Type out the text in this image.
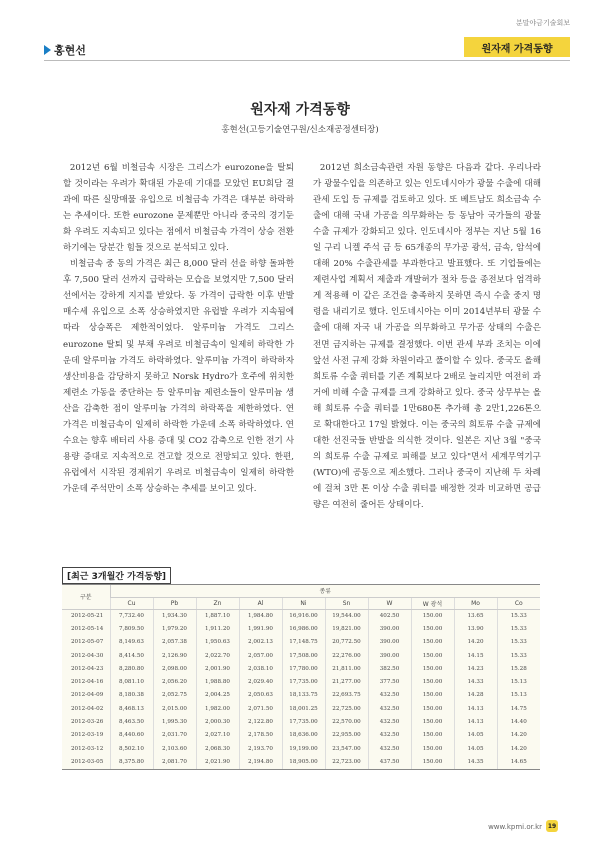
분말야금기술회보
홍현선	원자재 가격동향
원자재 가격동향
홍현선(고등기술연구원/신소재공정센터장)

2012년 6월 비철금속 시장은 그리스가 eurozone을 탈퇴할 것이라는 우려가 확대된 가운데 기대를 모았던 EU회담 결과에 따른 실망매물 유입으로 비철금속 가격은 대부분 하락하는 추세이다. 또한 eurozone 문제뿐만 아니라 중국의 경기둔화 우려도 지속되고 있다는 점에서 비철금속 가격이 상승 전환하기에는 당분간 힘들 것으로 분석되고 있다.

비철금속 중 동의 가격은 최근 8,000 달러 선을 하향 돌파한 후 7,500 달러 선까지 급락하는 모습을 보였지만 7,500 달러 선에서는 강하게 지지를 받았다. 동 가격이 급락한 이후 반발 매수세 유입으로 소폭 상승하였지만 유럽발 우려가 지속됨에 따라 상승폭은 제한적이었다. 알루미늄 가격도 그리스 eurozone 탈퇴 및 부채 우려로 비철금속이 일제히 하락한 가운데 알루미늄 가격도 하락하였다. 알루미늄 가격이 하락하자 생산비용을 감당하지 못하고 Norsk Hydro가 호주에 위치한 제련소 가동을 중단하는 등 알루미늄 제련소들이 알루미늄 생산을 감축한 점이 알루미늄 가격의 하락폭을 제한하였다. 연 가격은 비철금속이 일제히 하락한 가운데 소폭 하락하였다. 연 수요는 향후 배터리 사용 증대 및 CO2 감축으로 인한 전기 사용량 증대로 지속적으로 견고할 것으로 전망되고 있다. 한편, 유럽에서 시작된 경제위기 우려로 비철금속이 일제히 하락한 가운데 주석만이 소폭 상승하는 추세를 보이고 있다.

2012년 희소금속관련 자원 동향은 다음과 같다. 우리나라가 광물수입을 의존하고 있는 인도네시아가 광물 수출에 대해 관세 도입 등 규제를 검토하고 있다. 또 베트남도 희소금속 수출에 대해 국내 가공을 의무화하는 등 동남아 국가들의 광물 수출 규제가 강화되고 있다. 인도네시아 정부는 지난 5월 16일 구리 니켈 주석 금 등 65개종의 무가공 광석, 금속, 암석에 대해 20% 수출관세를 부과한다고 발표했다. 또 기업들에는 제련사업 계획서 제출과 개발허가 절차 등을 종전보다 엄격하게 적용해 이 같은 조건을 충족하지 못하면 즉시 수출 중지 명령을 내리기로 했다. 인도네시아는 이미 2014년부터 광물 수출에 대해 자국 내 가공을 의무화하고 무가공 상태의 수출은 전면 금지하는 규제를 결정했다. 이번 관세 부과 조치는 이에 앞선 사전 규제 강화 차원이라고 풀이할 수 있다. 중국도 올해 희토류 수출 쿼터를 기존 계획보다 2배로 늘리지만 여전히 과거에 비해 수출 규제를 크게 강화하고 있다. 중국 상무부는 올해 희토류 수출 쿼터를 1만680톤 추가해 총 2만1,226톤으로 확대한다고 17일 밝혔다. 이는 중국의 희토류 수출 규제에 대한 선진국들 반발을 의식한 것이다. 일본은 지난 3월 "중국의 희토류 수출 규제로 피해를 보고 있다"면서 세계무역기구(WTO)에 공동으로 제소했다. 그러나 중국이 지난해 두 차례에 걸쳐 3만 톤 이상 수출 쿼터를 배정한 것과 비교하면 공급량은 여전히 줄어든 상태이다.

[최근 3개월간 가격동향]
구분	종류									
	Cu	Pb	Zn	Al	Ni	Sn	W	W 광석	Mo	Co
2012-05-21	7,732.40	1,934.30	1,887.10	1,984.80	16,916.00	19,544.00	402.50	150.00	13.65	15.33
2012-05-14	7,809.50	1,979.20	1,911.20	1,991.90	16,986.00	19,821.00	390.00	150.00	13.90	15.33
2012-05-07	8,149.63	2,057.38	1,950.63	2,002.13	17,148.75	20,772.50	390.00	150.00	14.20	15.33
2012-04-30	8,414.50	2,126.90	2,022.70	2,057.00	17,508.00	22,276.00	390.00	150.00	14.15	15.33
2012-04-23	8,280.80	2,098.00	2,001.90	2,038.10	17,780.00	21,811.00	382.50	150.00	14.23	15.28
2012-04-16	8,081.10	2,056.20	1,988.80	2,029.40	17,735.00	21,277.00	377.50	150.00	14.33	15.13
2012-04-09	8,180.38	2,052.75	2,004.25	2,050.63	18,133.75	22,693.75	432.50	150.00	14.28	15.13
2012-04-02	8,468.13	2,015.00	1,982.00	2,071.50	18,001.25	22,725.00	432.50	150.00	14.13	14.75
2012-03-26	8,463.50	1,995.30	2,000.30	2,122.80	17,735.00	22,570.00	432.50	150.00	14.13	14.40
2012-03-19	8,440.60	2,031.70	2,027.10	2,178.50	18,636.00	22,955.00	432.50	150.00	14.05	14.20
2012-03-12	8,502.10	2,103.60	2,068.30	2,193.70	19,199.00	23,547.00	432.50	150.00	14.05	14.20
2012-03-05	8,375.80	2,081.70	2,021.90	2,194.80	18,905.00	22,723.00	437.50	150.00	14.35	14.65
www.kpmi.or.kr 19
